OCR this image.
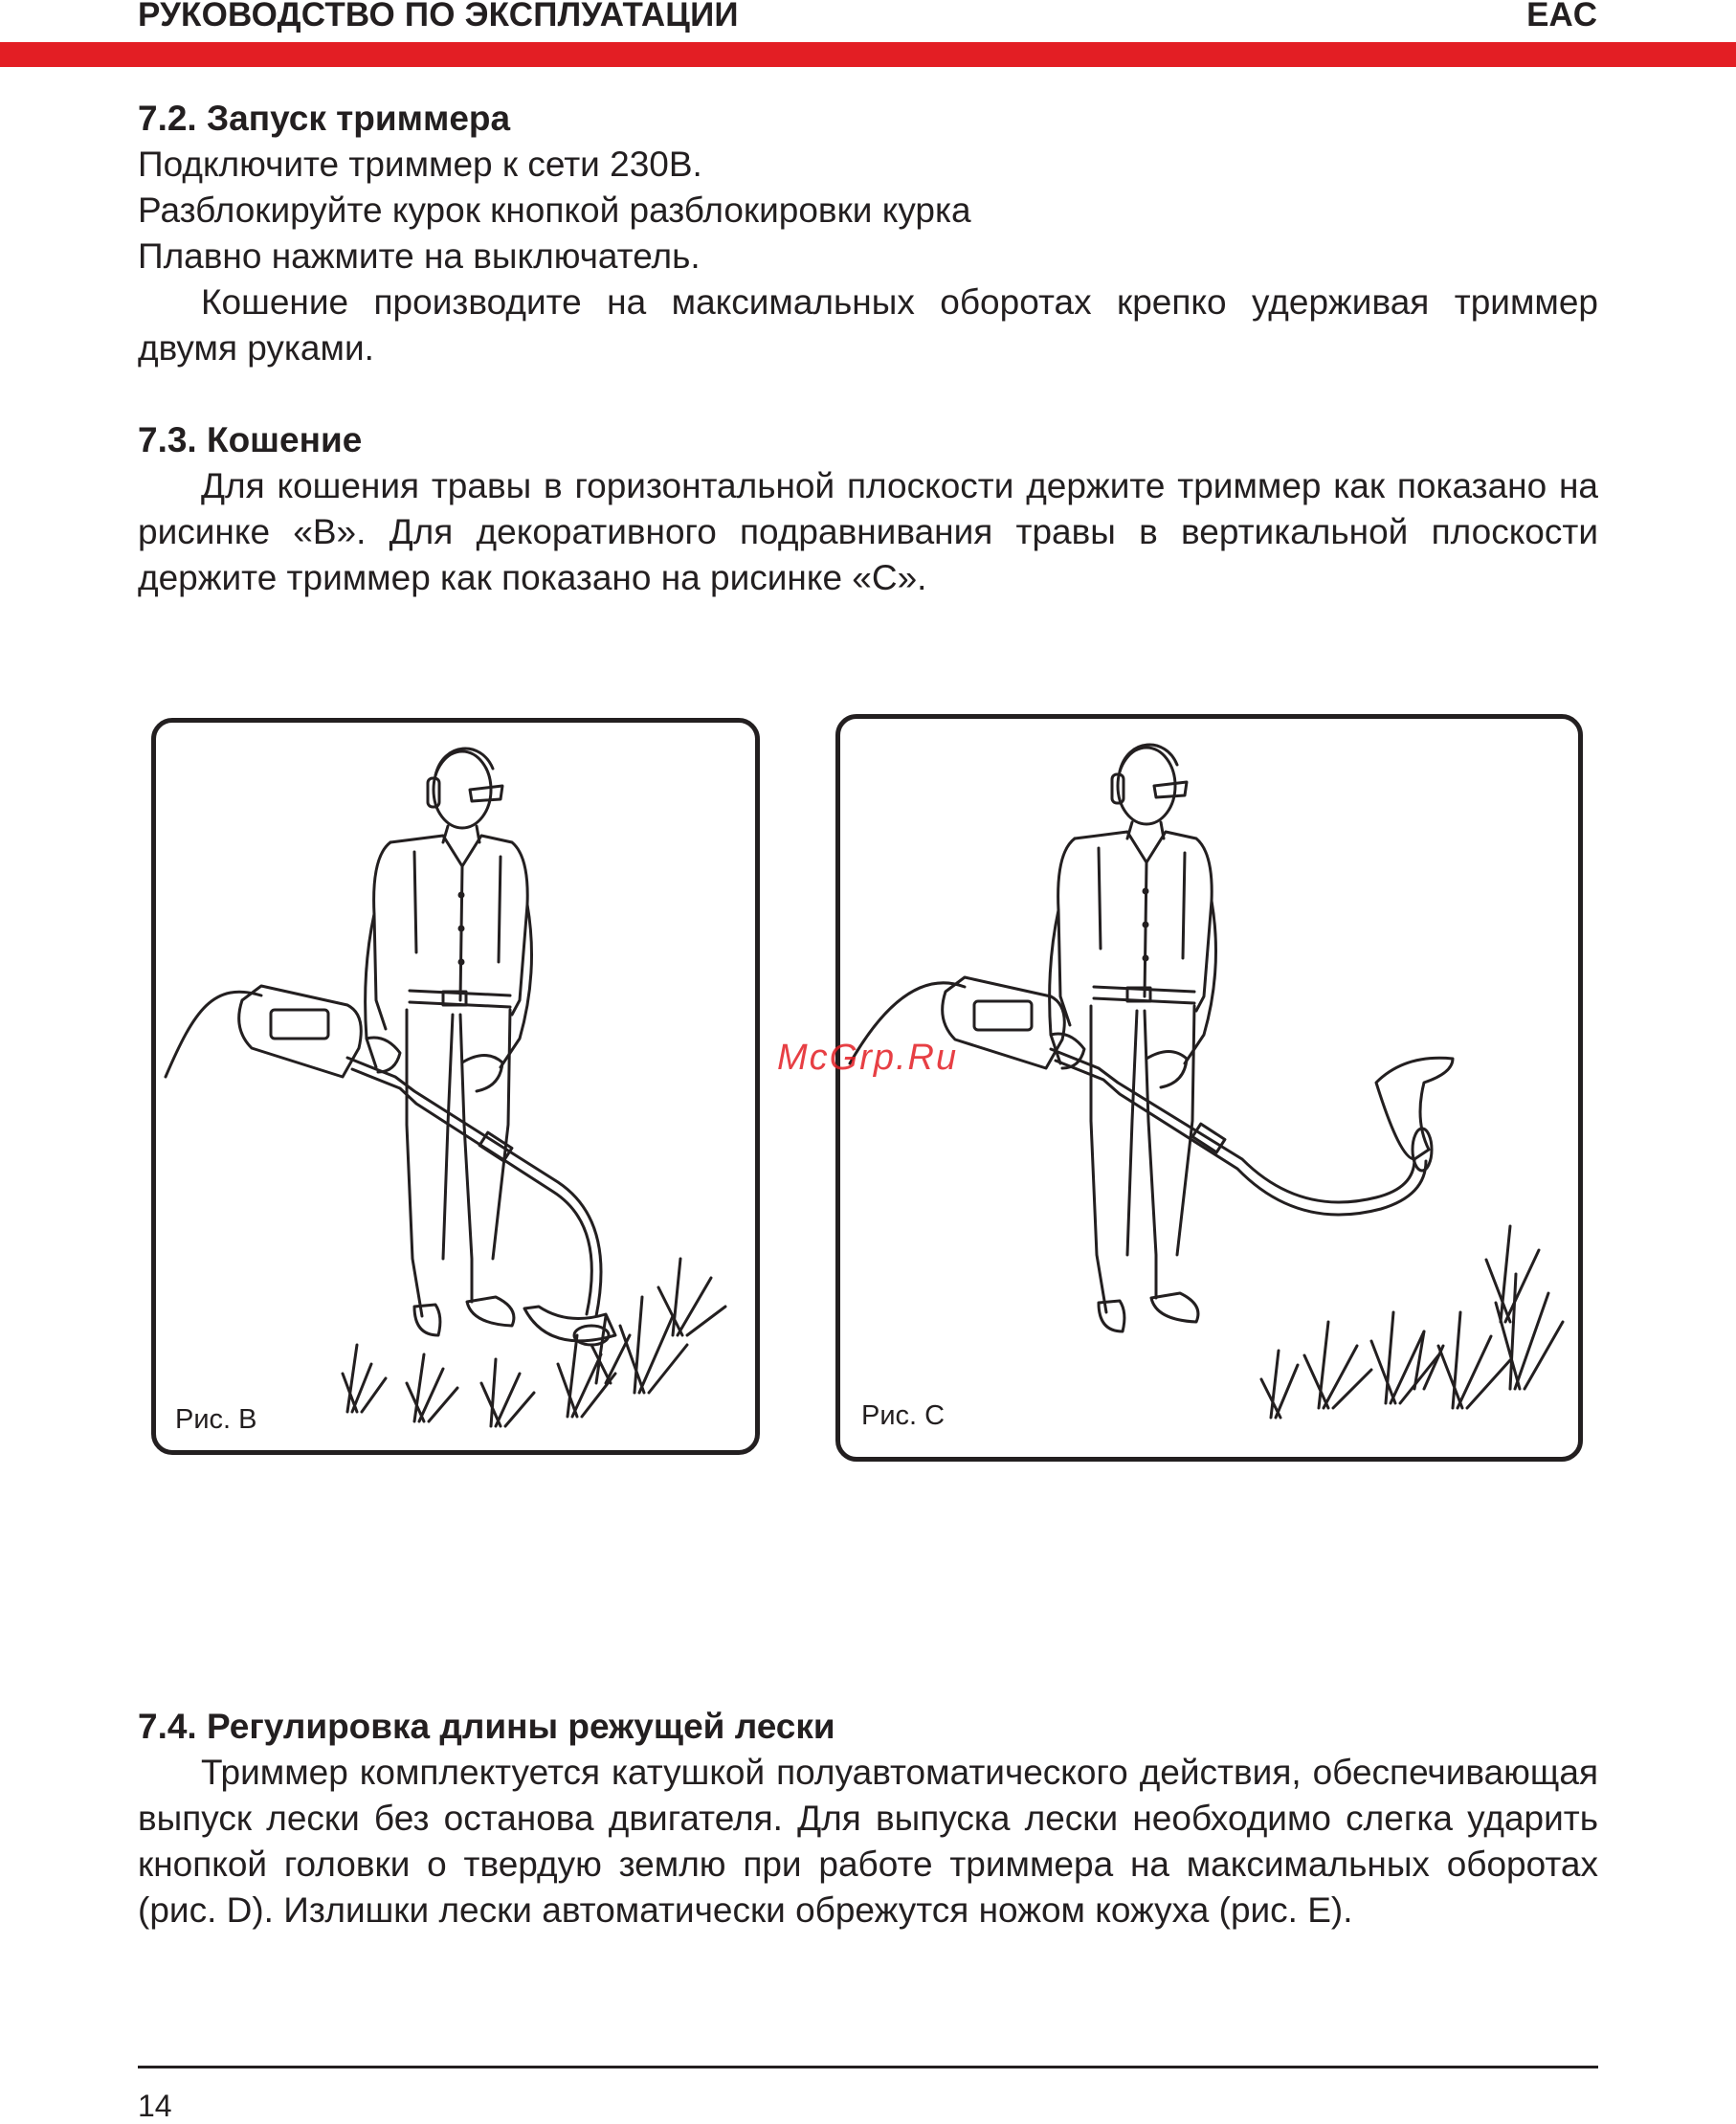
РУКОВОДСТВО ПО ЭКСПЛУАТАЦИИ	EAC
7.2. Запуск триммера

Подключите триммер к сети 230В.

Разблокируйте курок кнопкой разблокировки курка

Плавно нажмите на выключатель.

Кошение производите на максимальных оборотах крепко удерживая триммер двумя руками.

7.3. Кошение

Для кошения травы в горизонтальной плоскости держите триммер как показано на рисинке «B». Для декоративного подравнивания травы в вертикальной плоскости держите триммер как показано на рисинке «C».

Рис. B	Рис. C
McGrp.Ru
7.4. Регулировка длины режущей лески

Триммер комплектуется катушкой полуавтоматического действия, обеспечивающая выпуск лески без останова двигателя. Для выпуска лески необходимо слегка ударить кнопкой головки о твердую землю при работе триммера на максимальных оборотах (рис. D). Излишки лески автоматически обрежутся ножом кожуха (рис. E).

14
